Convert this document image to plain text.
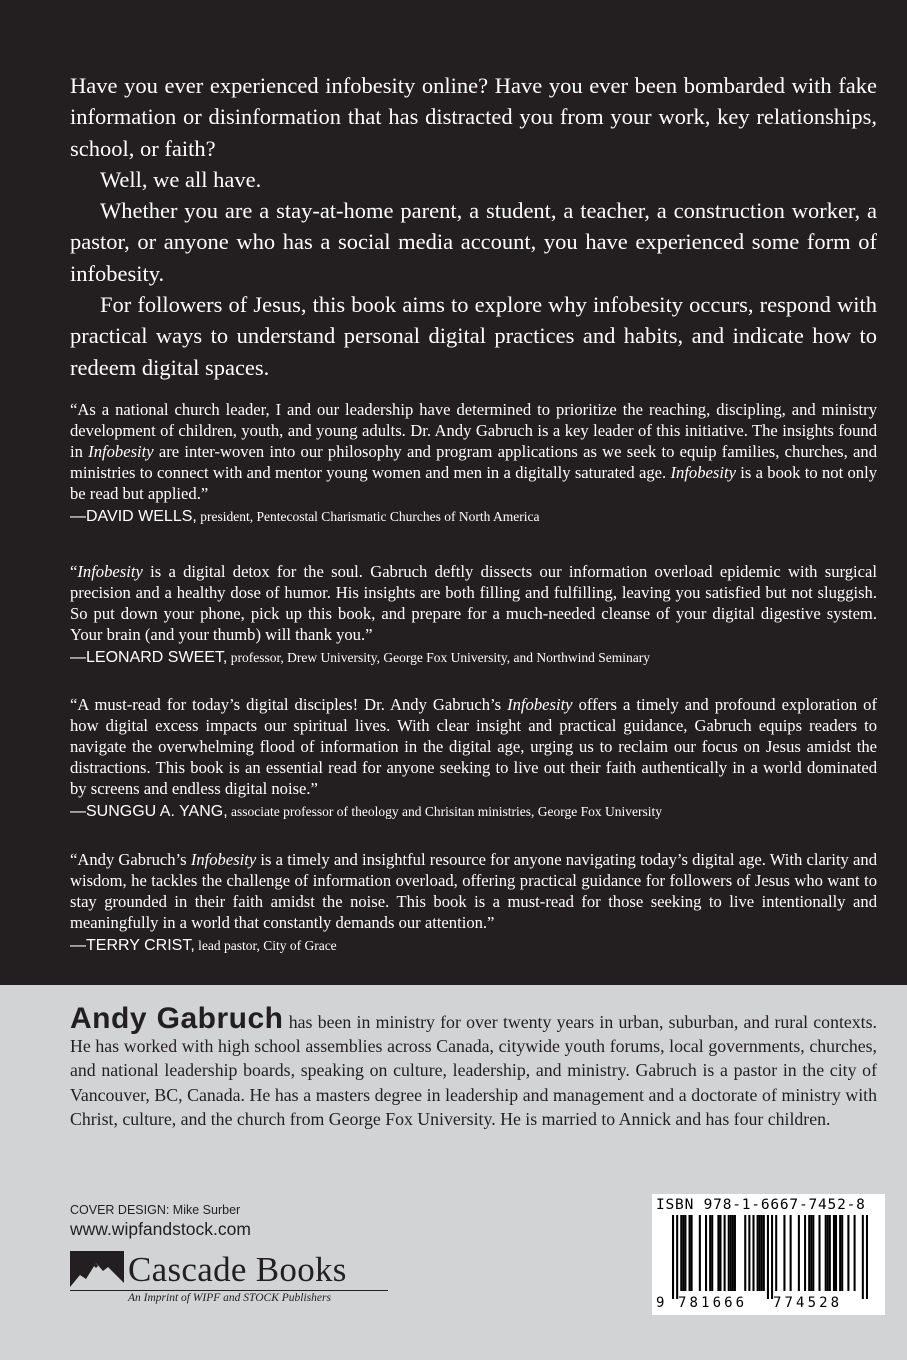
Have you ever experienced infobesity online? Have you ever been bombarded with fake information or disinformation that has distracted you from your work, key relationships, school, or faith?

Well, we all have.

Whether you are a stay-at-home parent, a student, a teacher, a construction worker, a pastor, or anyone who has a social media account, you have experienced some form of infobesity.

For followers of Jesus, this book aims to explore why infobesity occurs, respond with practical ways to understand personal digital practices and habits, and indicate how to redeem digital spaces.

“As a national church leader, I and our leadership have determined to prioritize the reaching, discipling, and ministry development of children, youth, and young adults. Dr. Andy Gabruch is a key leader of this initiative. The insights found in Infobesity are inter-woven into our philosophy and program applications as we seek to equip families, churches, and ministries to connect with and mentor young women and men in a digitally saturated age. Infobesity is a book to not only be read but applied.”

—DAVID WELLS, president, Pentecostal Charismatic Churches of North America

“Infobesity is a digital detox for the soul. Gabruch deftly dissects our information overload epidemic with surgical precision and a healthy dose of humor. His insights are both filling and fulfilling, leaving you satisfied but not sluggish. So put down your phone, pick up this book, and prepare for a much-needed cleanse of your digital digestive system. Your brain (and your thumb) will thank you.”

—LEONARD SWEET, professor, Drew University, George Fox University, and Northwind Seminary

“A must-read for today’s digital disciples! Dr. Andy Gabruch’s Infobesity offers a timely and profound exploration of how digital excess impacts our spiritual lives. With clear insight and practical guidance, Gabruch equips readers to navigate the overwhelming flood of information in the digital age, urging us to reclaim our focus on Jesus amidst the distractions. This book is an essential read for anyone seeking to live out their faith authentically in a world dominated by screens and endless digital noise.”

—SUNGGU A. YANG, associate professor of theology and Chrisitan ministries, George Fox University

“Andy Gabruch’s Infobesity is a timely and insightful resource for anyone navigating today’s digital age. With clarity and wisdom, he tackles the challenge of information overload, offering practical guidance for followers of Jesus who want to stay grounded in their faith amidst the noise. This book is a must-read for those seeking to live intentionally and meaningfully in a world that constantly demands our attention.”

—TERRY CRIST, lead pastor, City of Grace

Andy Gabruch has been in ministry for over twenty years in urban, suburban, and rural contexts. He has worked with high school assemblies across Canada, citywide youth forums, local governments, churches, and national leadership boards, speaking on culture, leadership, and ministry. Gabruch is a pastor in the city of Vancouver, BC, Canada. He has a masters degree in leadership and management and a doctorate of ministry with Christ, culture, and the church from George Fox University. He is married to Annick and has four children.

COVER DESIGN: Mike Surber
www.wipfandstock.com
Cascade Books
An Imprint of WIPF and STOCK Publishers
ISBN 978-1-6667-7452-8
9 781666 774528
